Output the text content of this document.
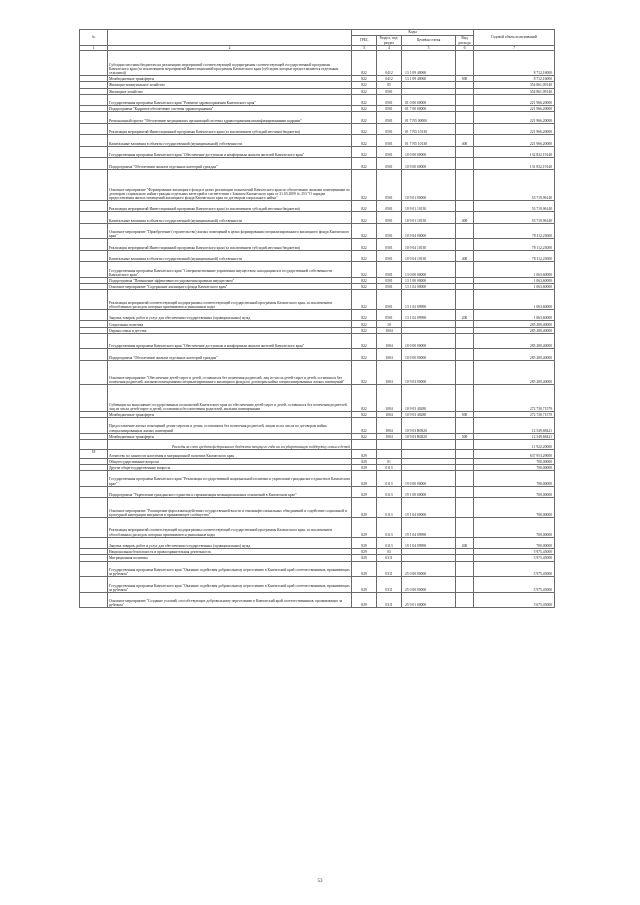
№		Коды				Годовой объем ассигнований
		ГРБС	Раздел, под-раздел	Целевая статья	Вид расхода	
1	2	3	4	5	6	7
	Субсидии местным бюджетам на реализацию мероприятий соответствующей подпрограммы соответствующей государственной программы Камчатского края (за исключением мероприятий Инвестиционной программы Камчатского края (субсидии, которые предоставляются отдельным сельским))	822	0412	13 1 09 40060		8 712,16000
	Межбюджетные трансферты	822	0412	13 1 09 40060	500	8 712,16000
	Жилищно-коммунальное хозяйство	822	05			354 861,09140
	Жилищное хозяйство	822	0501			354 861,09140
	Государственная программа Камчатского края "Развитие здравоохранения Камчатского края"	822	0501	01 0 00 00000		221 966,20000
	Подпрограмма "Кадровое обеспечение системы здравоохранения"	822	0501	01 7 00 00000		221 966,20000
	Региональный проект "Обеспечение медицинских организаций системы здравоохранения квалифицированными кадрами"	822	0501	01 7 N5 00000		221 966,20000
	Реализация мероприятий Инвестиционной программы Камчатского края (за исключением субсидий местным бюджетам)	822	0501	01 7 N5 10130		221 966,20000
	Капитальные вложения в объекты государственной (муниципальной) собственности	822	0501	01 7 N5 10130	400	221 966,20000
	Государственная программа Камчатского края "Обеспечение доступным и комфортным жильем жителей Камчатского края"	822	0501	10 0 00 00000		132 832,19140
	Подпрограмма "Обеспечение жильем отдельных категорий граждан"	822	0501	10 9 00 00000		131 832,19140
	Основное мероприятие "Формирование жилищного фонда в целях реализации полномочий Камчатского края по обеспечению жилыми помещениями по договорам социального найма граждан отдельных категорий в соответствии с Законом Камчатского края от 31.03.2009 № 253 "О порядке предоставления жилых помещений жилищного фонда Камчатского края по договорам социального найма"	822	0501	10 9 01 00000		53 719,96140
	Реализация мероприятий Инвестиционной программы Камчатского края (за исключением субсидий местным бюджетам)	822	0501	10 9 01 10130		53 719,96140
	Капитальные вложения в объекты государственной (муниципальной) собственности	822	0501	10 9 01 10130	400	53 719,96140
	Основное мероприятие "Приобретение (строительство) жилых помещений в целях формирования специализированного жилищного фонда Камчатского края"	822	0501	10 9 04 00000		78 112,23000
	Реализация мероприятий Инвестиционной программы Камчатского края (за исключением субсидий местным бюджетам)	822	0501	10 9 04 10130		78 112,23000
	Капитальные вложения в объекты государственной (муниципальной) собственности	822	0501	10 9 04 10130	400	78 112,23000
	Государственная программа Камчатского края "Совершенствование управления имуществом, находящимся в государственной собственности Камчатского края"	822	0501	13 0 00 00000		1 063,60000
	Подпрограмма "Повышение эффективности управления краевым имуществом"	822	0501	13 1 00 00000		1 063,60000
	Основное мероприятие "Содержание жилищного фонда Камчатского края"	822	0501	13 1 02 00000		1 063,60000
	Реализация мероприятий соответствующей подпрограммы соответствующей государственной программы Камчатского края, за исключением обособленных расходов, которым присваиваются уникальные коды	822	0501	13 1 02 09990		1 063,60000
	Закупка товаров, работ и услуг для обеспечения государственных (муниципальных) нужд	822	0501	13 1 02 09990	200	1 063,60000
	Социальная политика	822	10			285 280,40000
	Охрана семьи и детства	822	1004			285 280,40000
	Государственная программа Камчатского края "Обеспечение доступным и комфортным жильем жителей Камчатского края"	822	1004	10 0 00 00000		285 280,40000
	Подпрограмма "Обеспечение жильем отдельных категорий граждан"	822	1004	10 9 00 00000		285 280,40000
	Основное мероприятие "Обеспечение детей-сирот и детей, оставшихся без попечения родителей, лиц из числа детей-сирот и детей, оставшихся без попечения родителей, жилыми помещениями специализированного жилищного фонда по договорам найма специализированных жилых помещений"	822	1004	10 9 03 00000		285 280,40000
	Субвенции на выполнение государственных полномочий Камчатского края по обеспечению детей-сирот и детей, оставшихся без попечения родителей, лиц из числа детей-сирот и детей, оставшихся без попечения родителей, жилыми помещениями	822	1004	10 9 03 40280		272 730,71579
	Межбюджетные трансферты	822	1004	10 9 03 40280	500	272 730,71579
	Предоставление жилых помещений детям-сиротам и детям, оставшимся без попечения родителей, лицам из их числа по договорам найма специализированных жилых помещений	822	1004	10 9 03 R0820		12 549,68421
	Межбюджетные трансферты	822	1004	10 9 03 R0820	500	12 549,68421
	Расходы за счет средств федерального бюджета текущего года на государственную поддержку семьи и детей					11 922,20000
18	Агентство по занятости населения и миграционной политике Камчатского края	829				637 953,29000
	Общегосударственные вопросы	829	01			700,00000
	Другие общегосударственные вопросы	829	0113			700,00000
	Государственная программа Камчатского края "Реализация государственной национальной политики и укрепление гражданского единства в Камчатском крае"	829	0113	19 0 00 00000		700,00000
	Подпрограмма "Укрепление гражданского единства и гармонизация межнациональных отношений в Камчатском крае"	829	0113	19 1 00 00000		700,00000
	Основное мероприятие "Расширение форм взаимодействия государственной власти и этноконфессиональных объединений и содействие социальной и культурной интеграции мигрантов в принимающее сообщество"	829	0113	19 1 04 00000		700,00000
	Реализация мероприятий соответствующей подпрограммы соответствующей государственной программы Камчатского края, за исключением обособленных расходов, которым присваиваются уникальные коды	829	0113	19 1 04 09990		700,00000
	Закупка товаров, работ и услуг для обеспечения государственных (муниципальных) нужд	829	0113	19 1 04 09990	200	700,00000
	Национальная безопасность и правоохранительная деятельность	829	03			5 975,45000
	Миграционная политика	829	0311			5 975,45000
	Государственная программа Камчатского края "Оказание содействия добровольному переселению в Камчатский край соотечественников, проживающих за рубежом"	829	0311	25 0 00 00000		5 975,45000
	Государственная программа Камчатского края "Оказание содействия добровольному переселению в Камчатский край соотечественников, проживающих за рубежом"	829	0311	25 0 00 00000		5 975,45000
	Основное мероприятие "Создание условий, способствующих добровольному переселению в Камчатский край соотечественников, проживающих за рубежом"	829	0311	25 0 01 00000		5 675,45000
53
